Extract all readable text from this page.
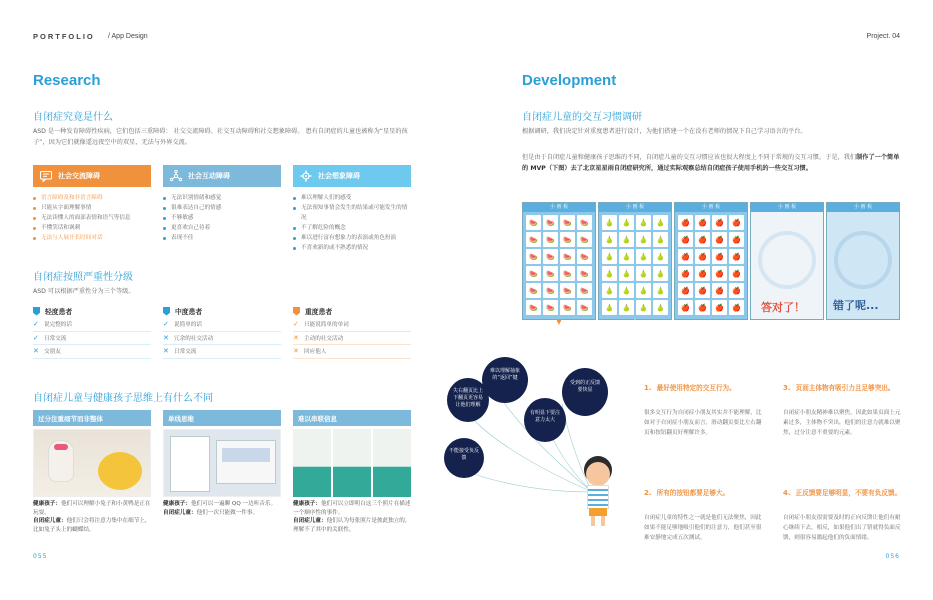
PORTFOLIO / App Design	Project. 04
Research
自闭症究竟是什么
ASD 是一种发育障碍性疾病，它们包括三重障碍： 社交交流障碍、社交互动障碍和社交想象障碍。 患有自闭症的儿童也被称为“星星的孩子”，因为它们就像遥远夜空中的双星，无法与外界交流。
社会交流障碍
语言障碍及和非语言障碍
只能从字面理解事情
无法读懂人的面部表情和语气等信息
不懂笑话和讽刺
无法与人展开长时间对话
社会互动障碍
无法识别情绪和感觉
很难表达自己的情感
不够敏感
更喜欢自己待着
表现不佳
社会想象障碍
难以理解人们的感受
无法预知事情会发生的结果或可能发生的情况
不了解危险的概念
难以进行富有想象力的表演或角色扮演
不喜欢新的或不熟悉的情况
自闭症按照严重性分级
ASD 可以根据严重性分为三个等级。
轻度患者
✓ 说完整的话
✓ 日常交流
✕ 交朋友
中度患者
✓ 说简单的话
✕ 冗余的社交活动
✕ 日常交流
重度患者
✓ 只能说简单的单词
✕ 主动的社交活动
✕ 回应他人
自闭症儿童与健康孩子思维上有什么不同
过分注重细节而非整体
健康孩子：他们可以理解小兔子和小黄鸭是正在玩耍。
自闭症儿童：他们只会将注意力集中在细节上，比如兔子头上的蝴蝶结。
单线思维
健康孩子：他们可以一遍聊 QQ 一边听音乐。
自闭症儿童：他们一次只能做一件事。
难以串联信息
健康孩子：他们可以立即明白这三个照片在描述一个顺序性的事件。
自闭症儿童：他们认为每张照片是彼此独立的，理解不了其中的关联性。
055
Development
自闭症儿童的交互习惯调研
根据调研，我们决定针对重度患者进行设计，为他们搭建一个在没有老师的情况下自己学习语言的平台。
但是由于自闭症儿童和健康孩子思维的不同，自闭症儿童的交互习惯应该也很大程度上不同于常规的交互习惯。于是，我们制作了一个简单的 MVP（下图）去了北京星星雨自闭症研究所，通过实际观察总结自闭症孩子使用手机的一些交互习惯。
小 画 板
🍉	🍉	🍉	🍉
🍉	🍉	🍉	🍉
🍉	🍉	🍉	🍉
🍉	🍉	🍉	🍉
🍉	🍉	🍉	🍉
🍉	🍉	🍉	🍉
▼
小 画 板
🍐	🍐	🍐	🍐
🍐	🍐	🍐	🍐
🍐	🍐	🍐	🍐
🍐	🍐	🍐	🍐
🍐	🍐	🍐	🍐
🍐	🍐	🍐	🍐
↓
小 画 板
🍎	🍎	🍎	🍎
🍎	🍎	🍎	🍎
🍎	🍎	🍎	🍎
🍎	🍎	🍎	🍎
🍎	🍎	🍎	🍎
🍎	🍎	🍎	🍎
小 画 板
答对了！
小 画 板
错了呢...
失右翻页比上下翻页更容易让他们理解
难以理解抽象的“返回”键
受到的正反馈要快显
有明显下要注意力太大
不能接受负反馈
1. 最好使用特定的交互行为。
很多交互行为自闭症小朋友其实并不能理解，比如对于自闭症小朋友而言，滑动翻页要比左右翻页和按钮翻页好理解许多。
3. 页面主体物有吸引力且足够突出。
自闭症小朋友精神难以聚焦，因此如果页面上元素过多，主体物不突出，他们的注意力就难以聚焦，过分注意不重要的元素。
2. 所有的按钮都要足够大。
自闭症儿童的特性之一就是他们无法聚焦，因此如果不能足够地吸引他们的注意力，他们甚至很难安静地完成五次测试。
4. 正反馈要足够明显，不要有负反馈。
自闭症小朋友很需要及时的正向反馈让他们有耐心继续下去，相反，如果他们出了错就得负面反馈，则很容易激起他们的负面情绪。
056
